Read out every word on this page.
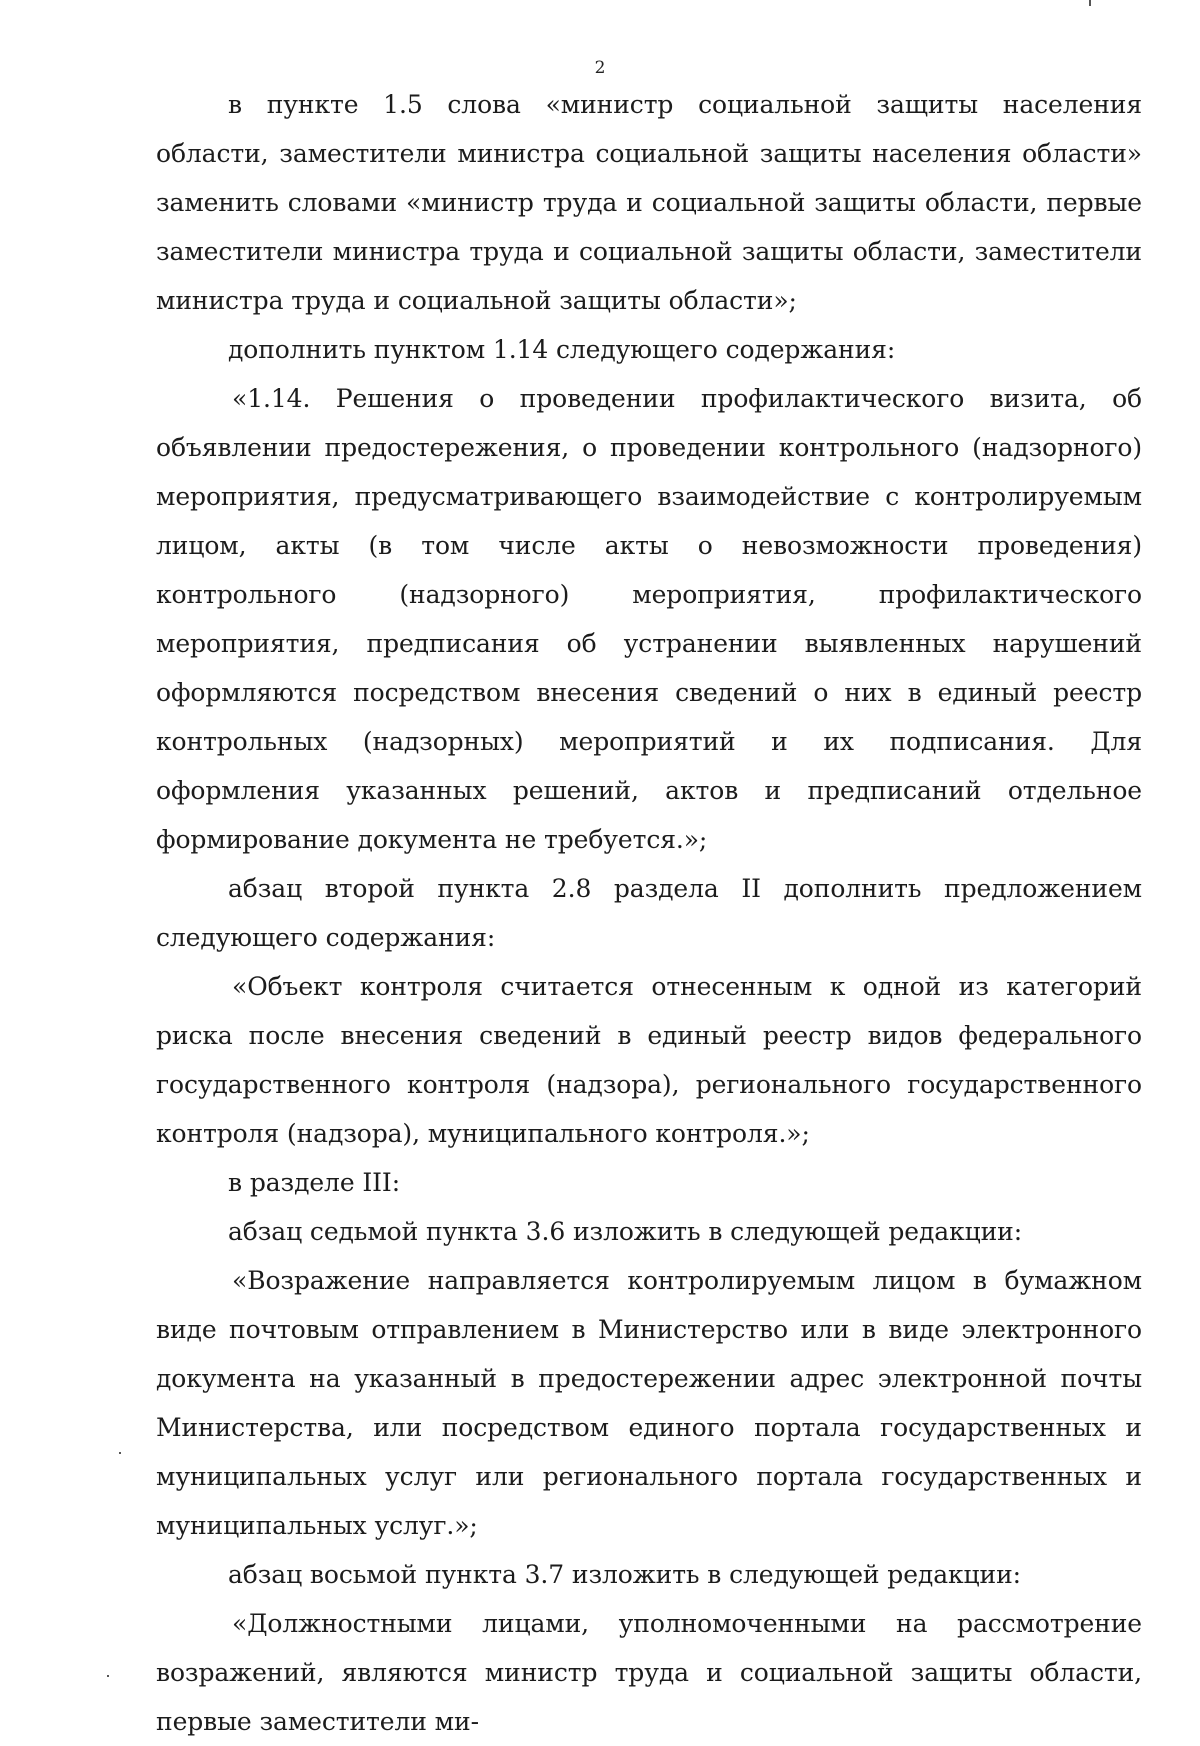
2

в пункте 1.5 слова «министр социальной защиты населения области, заместители министра социальной защиты населения области» заменить словами «министр труда и социальной защиты области, первые заместители министра труда и социальной защиты области, заместители министра труда и социальной защиты области»;

дополнить пунктом 1.14 следующего содержания:

«1.14. Решения о проведении профилактического визита, об объявлении предостережения, о проведении контрольного (надзорного) мероприятия, предусматривающего взаимодействие с контролируемым лицом, акты (в том числе акты о невозможности проведения) контрольного (надзорного) мероприятия, профилактического мероприятия, предписания об устранении выявленных нарушений оформляются посредством внесения сведений о них в единый реестр контрольных (надзорных) мероприятий и их подписания. Для оформления указанных решений, актов и предписаний отдельное формирование документа не требуется.»;

абзац второй пункта 2.8 раздела II дополнить предложением следующего содержания:

«Объект контроля считается отнесенным к одной из категорий риска после внесения сведений в единый реестр видов федерального государственного контроля (надзора), регионального государственного контроля (надзора), муниципального контроля.»;

в разделе III:

абзац седьмой пункта 3.6 изложить в следующей редакции:

«Возражение направляется контролируемым лицом в бумажном виде почтовым отправлением в Министерство или в виде электронного документа на указанный в предостережении адрес электронной почты Министерства, или посредством единого портала государственных и муниципальных услуг или регионального портала государственных и муниципальных услуг.»;

абзац восьмой пункта 3.7 изложить в следующей редакции:

«Должностными лицами, уполномоченными на рассмотрение возражений, являются министр труда и социальной защиты области, первые заместители ми-
